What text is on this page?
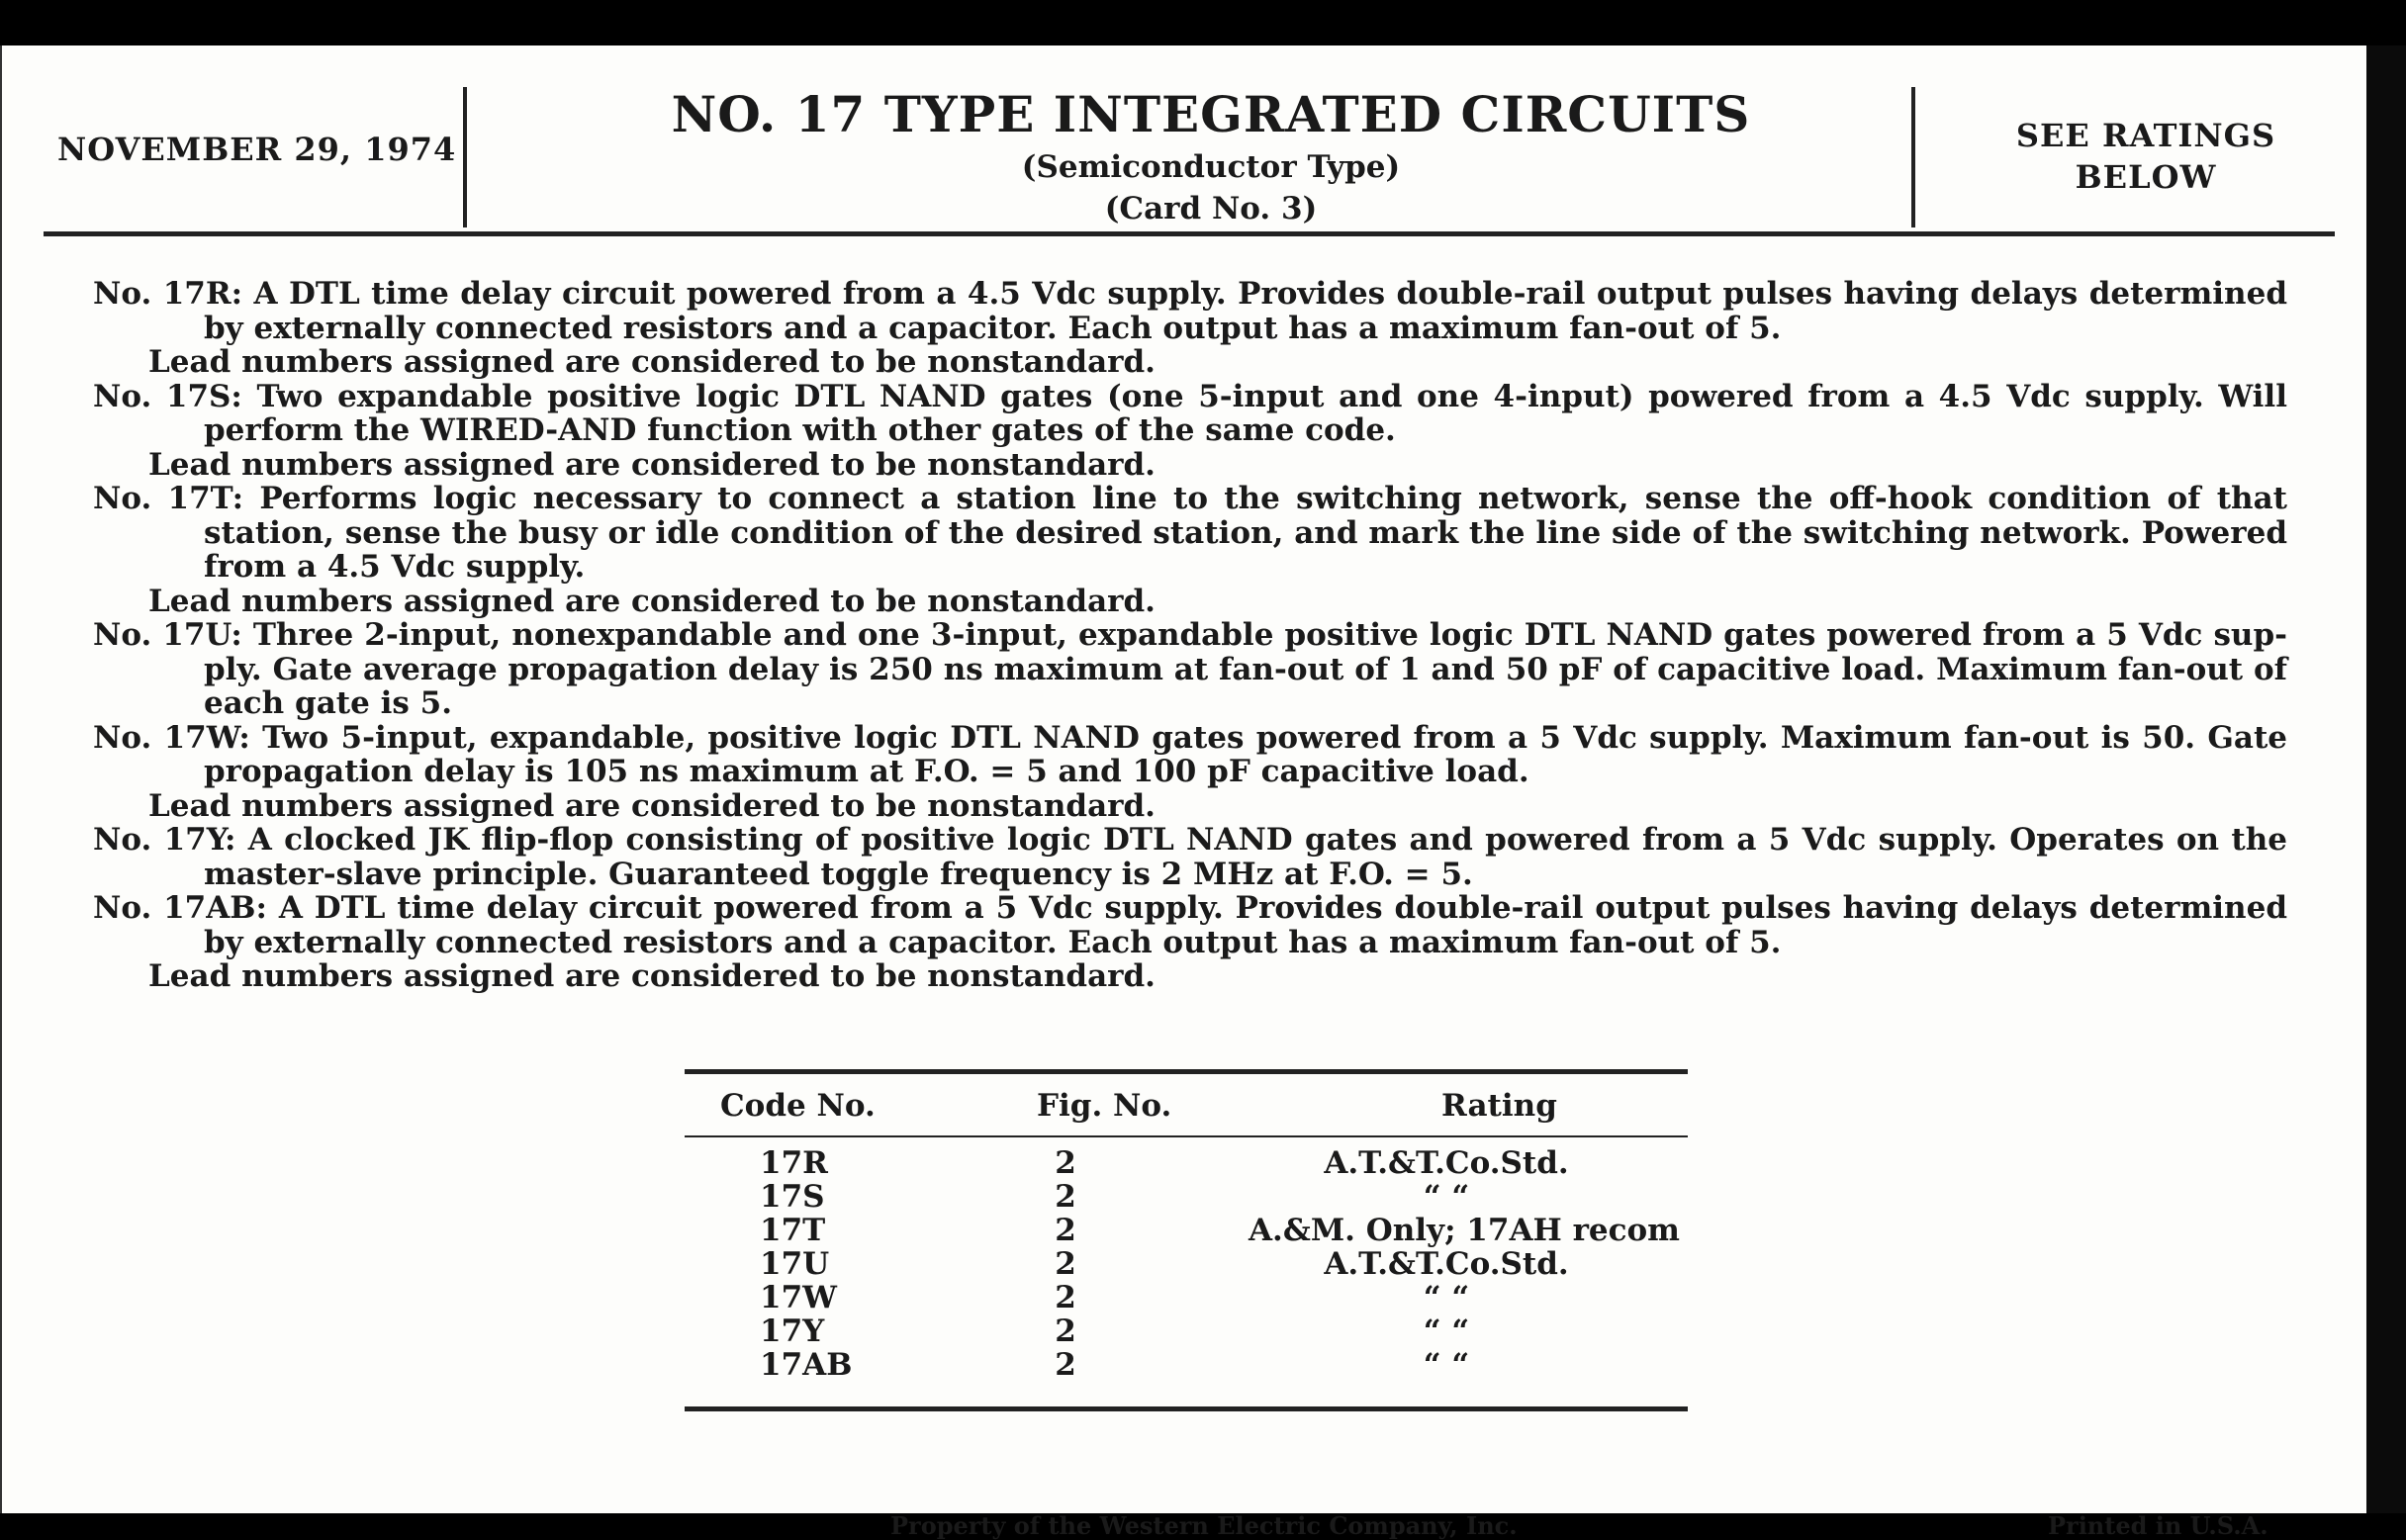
NOVEMBER 29, 1974
NO. 17 TYPE INTEGRATED CIRCUITS
(Semiconductor Type)
(Card No. 3)
SEE RATINGS
BELOW
No. 17R: A DTL time delay circuit powered from a 4.5 Vdc supply. Provides double-rail output pulses having delays determined by externally connected resistors and a capacitor. Each output has a maximum fan-out of 5.
Lead numbers assigned are considered to be nonstandard.
No. 17S: Two expandable positive logic DTL NAND gates (one 5-input and one 4-input) powered from a 4.5 Vdc supply. Will perform the WIRED-AND function with other gates of the same code.
Lead numbers assigned are considered to be nonstandard.
No. 17T: Performs logic necessary to connect a station line to the switching network, sense the off-hook condition of that station, sense the busy or idle condition of the desired station, and mark the line side of the switching network. Powered from a 4.5 Vdc supply.
Lead numbers assigned are considered to be nonstandard.
No. 17U: Three 2-input, nonexpandable and one 3-input, expandable positive logic DTL NAND gates powered from a 5 Vdc sup-ply. Gate average propagation delay is 250 ns maximum at fan-out of 1 and 50 pF of capacitive load. Maximum fan-out of each gate is 5.
No. 17W: Two 5-input, expandable, positive logic DTL NAND gates powered from a 5 Vdc supply. Maximum fan-out is 50. Gate propagation delay is 105 ns maximum at F.O. = 5 and 100 pF capacitive load.
Lead numbers assigned are considered to be nonstandard.
No. 17Y: A clocked JK flip-flop consisting of positive logic DTL NAND gates and powered from a 5 Vdc supply. Operates on the master-slave principle. Guaranteed toggle frequency is 2 MHz at F.O. = 5.
No. 17AB: A DTL time delay circuit powered from a 5 Vdc supply. Provides double-rail output pulses having delays determined by externally connected resistors and a capacitor. Each output has a maximum fan-out of 5.
Lead numbers assigned are considered to be nonstandard.
Code No.	Fig. No.	Rating
17R	2	A.T.&T.Co.Std.
17S	2	“ “
17T	2	A.&M. Only; 17AH recom
17U	2	A.T.&T.Co.Std.
17W	2	“ “
17Y	2	“ “
17AB	2	“ “
Property of the Western Electric Company, Inc.	Printed in U.S.A.
